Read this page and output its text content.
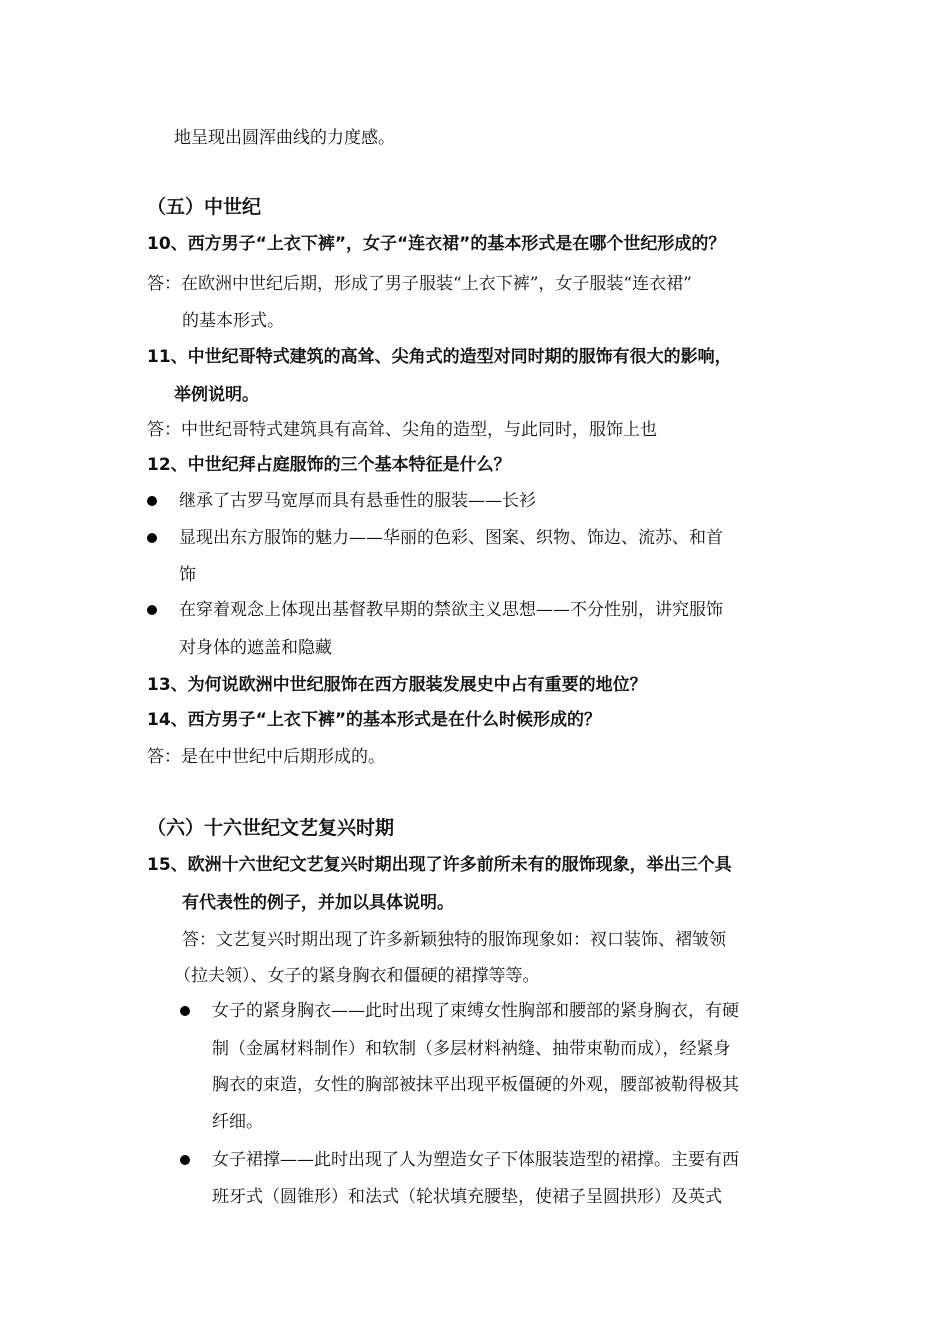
地呈现出圆浑曲线的力度感。
（五）中世纪
10、西方男子“上衣下裤”，女子“连衣裙”的基本形式是在哪个世纪形成的？
答：在欧洲中世纪后期，形成了男子服装“上衣下裤”，女子服装“连衣裙”
的基本形式。
11、中世纪哥特式建筑的高耸、尖角式的造型对同时期的服饰有很大的影响，
举例说明。
答：中世纪哥特式建筑具有高耸、尖角的造型，与此同时，服饰上也
12、中世纪拜占庭服饰的三个基本特征是什么？
继承了古罗马宽厚而具有悬垂性的服装——长衫
显现出东方服饰的魅力——华丽的色彩、图案、织物、饰边、流苏、和首
饰
在穿着观念上体现出基督教早期的禁欲主义思想——不分性别，讲究服饰
对身体的遮盖和隐藏
13、为何说欧洲中世纪服饰在西方服装发展史中占有重要的地位？
14、西方男子“上衣下裤”的基本形式是在什么时候形成的？
答：是在中世纪中后期形成的。
（六）十六世纪文艺复兴时期
15、欧洲十六世纪文艺复兴时期出现了许多前所未有的服饰现象，举出三个具
有代表性的例子，并加以具体说明。
答：文艺复兴时期出现了许多新颖独特的服饰现象如：衩口装饰、褶皱领
（拉夫领）、女子的紧身胸衣和僵硬的裙撑等等。
女子的紧身胸衣——此时出现了束缚女性胸部和腰部的紧身胸衣，有硬
制（金属材料制作）和软制（多层材料衲缝、抽带束勒而成），经紧身
胸衣的束造，女性的胸部被抹平出现平板僵硬的外观，腰部被勒得极其
纤细。
女子裙撑——此时出现了人为塑造女子下体服装造型的裙撑。主要有西
班牙式（圆锥形）和法式（轮状填充腰垫，使裙子呈圆拱形）及英式
